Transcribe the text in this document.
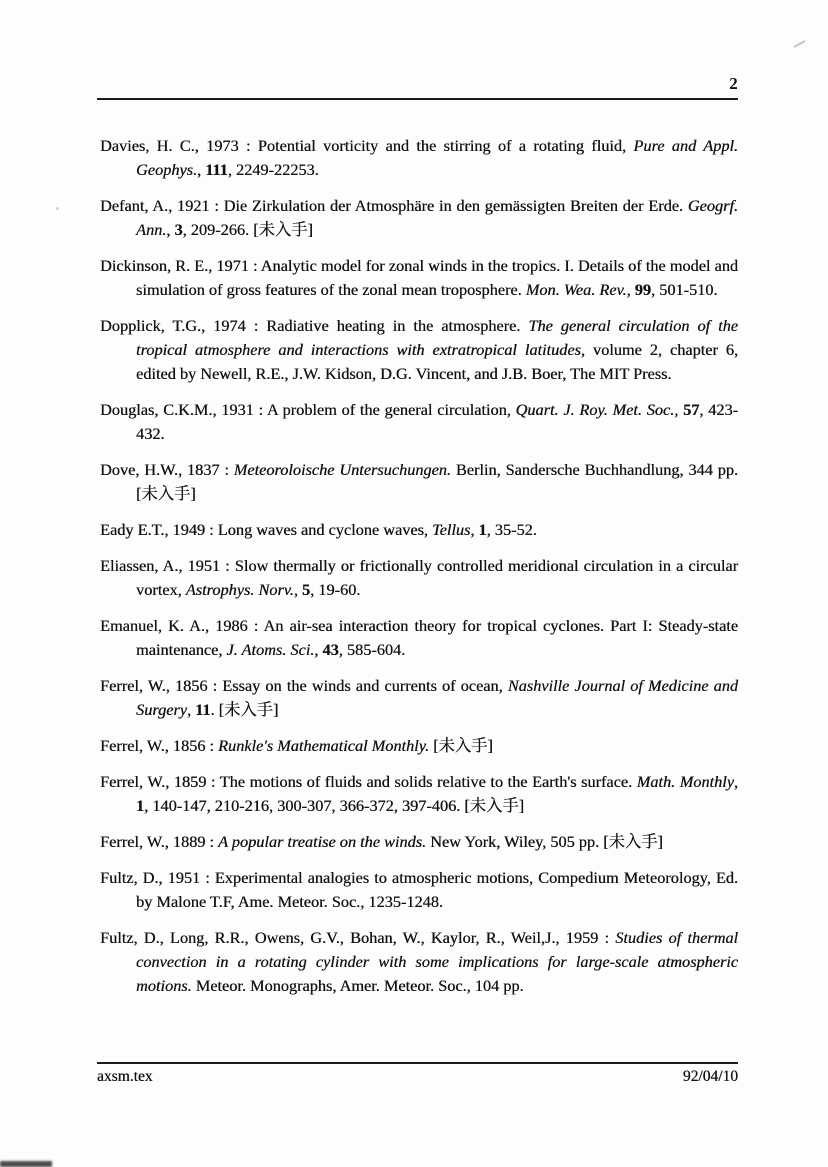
2

Davies, H. C., 1973 : Potential vorticity and the stirring of a rotating fluid, Pure and Appl. Geophys., 111, 2249-22253.

Defant, A., 1921 : Die Zirkulation der Atmosphäre in den gemässigten Breiten der Erde. Geogrf. Ann., 3, 209-266. [未入手]

Dickinson, R. E., 1971 : Analytic model for zonal winds in the tropics. I. Details of the model and simulation of gross features of the zonal mean troposphere. Mon. Wea. Rev., 99, 501-510.

Dopplick, T.G., 1974 : Radiative heating in the atmosphere. The general circulation of the tropical atmosphere and interactions with extratropical latitudes, volume 2, chapter 6, edited by Newell, R.E., J.W. Kidson, D.G. Vincent, and J.B. Boer, The MIT Press.

Douglas, C.K.M., 1931 : A problem of the general circulation, Quart. J. Roy. Met. Soc., 57, 423-432.

Dove, H.W., 1837 : Meteoroloische Untersuchungen. Berlin, Sandersche Buchhandlung, 344 pp. [未入手]

Eady E.T., 1949 : Long waves and cyclone waves, Tellus, 1, 35-52.

Eliassen, A., 1951 : Slow thermally or frictionally controlled meridional circulation in a circular vortex, Astrophys. Norv., 5, 19-60.

Emanuel, K. A., 1986 : An air-sea interaction theory for tropical cyclones. Part I: Steady-state maintenance, J. Atoms. Sci., 43, 585-604.

Ferrel, W., 1856 : Essay on the winds and currents of ocean, Nashville Journal of Medicine and Surgery, 11. [未入手]

Ferrel, W., 1856 : Runkle's Mathematical Monthly. [未入手]

Ferrel, W., 1859 : The motions of fluids and solids relative to the Earth's surface. Math. Monthly, 1, 140-147, 210-216, 300-307, 366-372, 397-406. [未入手]

Ferrel, W., 1889 : A popular treatise on the winds. New York, Wiley, 505 pp. [未入手]

Fultz, D., 1951 : Experimental analogies to atmospheric motions, Compedium Meteorology, Ed. by Malone T.F, Ame. Meteor. Soc., 1235-1248.

Fultz, D., Long, R.R., Owens, G.V., Bohan, W., Kaylor, R., Weil,J., 1959 : Studies of thermal convection in a rotating cylinder with some implications for large-scale atmospheric motions. Meteor. Monographs, Amer. Meteor. Soc., 104 pp.

axsm.tex	92/04/10
